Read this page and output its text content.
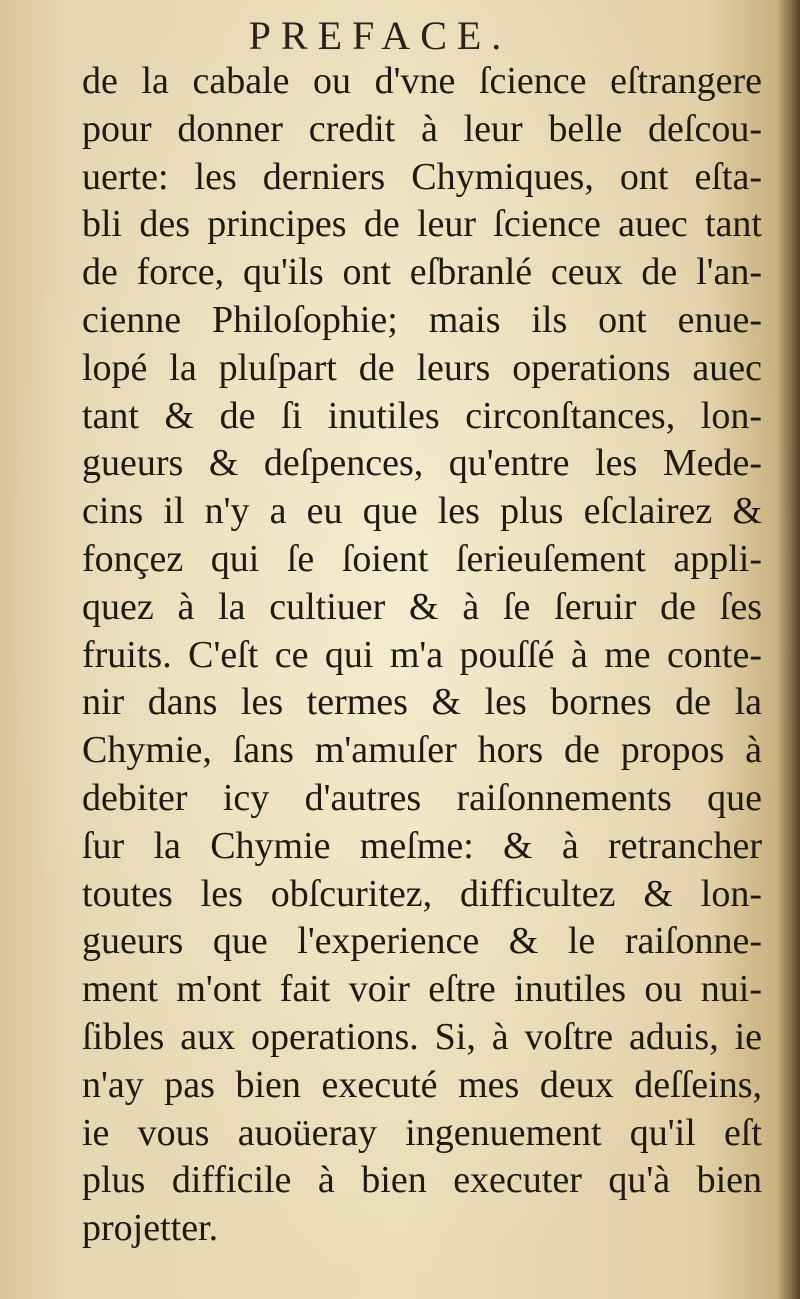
PREFACE.
de la cabale ou d'vne ſcience eſtrangere
pour donner credit à leur belle deſcou-
uerte: les derniers Chymiques, ont eſta-
bli des principes de leur ſcience auec tant
de force, qu'ils ont eſbranlé ceux de l'an-
cienne Philoſophie; mais ils ont enue-
lopé la pluſpart de leurs operations auec
tant & de ſi inutiles circonſtances, lon-
gueurs & deſpences, qu'entre les Mede-
cins il n'y a eu que les plus eſclairez &
fonçez qui ſe ſoient ſerieuſement appli-
quez à la cultiuer & à ſe ſeruir de ſes
fruits. C'eſt ce qui m'a pouſſé à me conte-
nir dans les termes & les bornes de la
Chymie, ſans m'amuſer hors de propos à
debiter icy d'autres raiſonnements que
ſur la Chymie meſme: & à retrancher
toutes les obſcuritez, difficultez & lon-
gueurs que l'experience & le raiſonne-
ment m'ont fait voir eſtre inutiles ou nui-
ſibles aux operations. Si, à voſtre aduis, ie
n'ay pas bien executé mes deux deſſeins,
ie vous auoüeray ingenuement qu'il eſt
plus difficile à bien executer qu'à bien
projetter.
